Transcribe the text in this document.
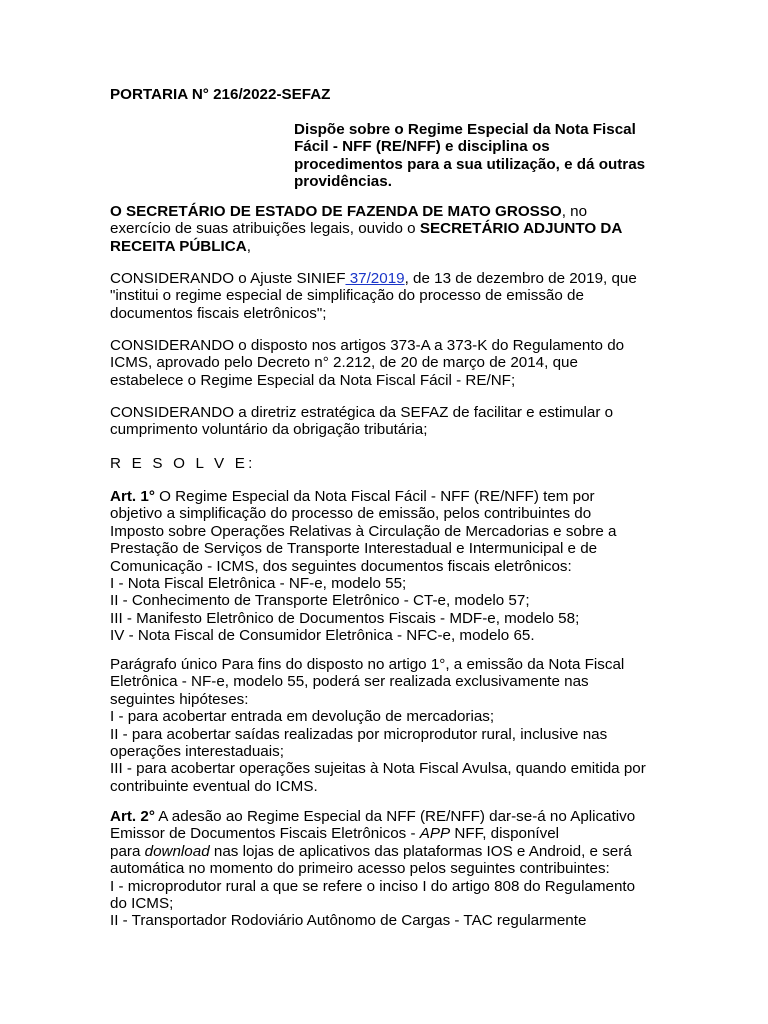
PORTARIA N° 216/2022-SEFAZ
Dispõe sobre o Regime Especial da Nota Fiscal
Fácil - NFF (RE/NFF) e disciplina os
procedimentos para a sua utilização, e dá outras
providências.
O SECRETÁRIO DE ESTADO DE FAZENDA DE MATO GROSSO, no
exercício de suas atribuições legais, ouvido o SECRETÁRIO ADJUNTO DA
RECEITA PÚBLICA,
CONSIDERANDO o Ajuste SINIEF 37/2019, de 13 de dezembro de 2019, que
"institui o regime especial de simplificação do processo de emissão de
documentos fiscais eletrônicos";
CONSIDERANDO o disposto nos artigos 373-A a 373-K do Regulamento do
ICMS, aprovado pelo Decreto n° 2.212, de 20 de março de 2014, que
estabelece o Regime Especial da Nota Fiscal Fácil - RE/NF;
CONSIDERANDO a diretriz estratégica da SEFAZ de facilitar e estimular o
cumprimento voluntário da obrigação tributária;
R E S O L V E:
Art. 1° O Regime Especial da Nota Fiscal Fácil - NFF (RE/NFF) tem por
objetivo a simplificação do processo de emissão, pelos contribuintes do
Imposto sobre Operações Relativas à Circulação de Mercadorias e sobre a
Prestação de Serviços de Transporte Interestadual e Intermunicipal e de
Comunicação - ICMS, dos seguintes documentos fiscais eletrônicos:
I - Nota Fiscal Eletrônica - NF-e, modelo 55;
II - Conhecimento de Transporte Eletrônico - CT-e, modelo 57;
III - Manifesto Eletrônico de Documentos Fiscais - MDF-e, modelo 58;
IV - Nota Fiscal de Consumidor Eletrônica - NFC-e, modelo 65.
Parágrafo único Para fins do disposto no artigo 1°, a emissão da Nota Fiscal
Eletrônica - NF-e, modelo 55, poderá ser realizada exclusivamente nas
seguintes hipóteses:
I - para acobertar entrada em devolução de mercadorias;
II - para acobertar saídas realizadas por microprodutor rural, inclusive nas
operações interestaduais;
III - para acobertar operações sujeitas à Nota Fiscal Avulsa, quando emitida por
contribuinte eventual do ICMS.
Art. 2° A adesão ao Regime Especial da NFF (RE/NFF) dar-se-á no Aplicativo
Emissor de Documentos Fiscais Eletrônicos - APP NFF, disponível
para download nas lojas de aplicativos das plataformas IOS e Android, e será
automática no momento do primeiro acesso pelos seguintes contribuintes:
I - microprodutor rural a que se refere o inciso I do artigo 808 do Regulamento
do ICMS;
II - Transportador Rodoviário Autônomo de Cargas - TAC regularmente
